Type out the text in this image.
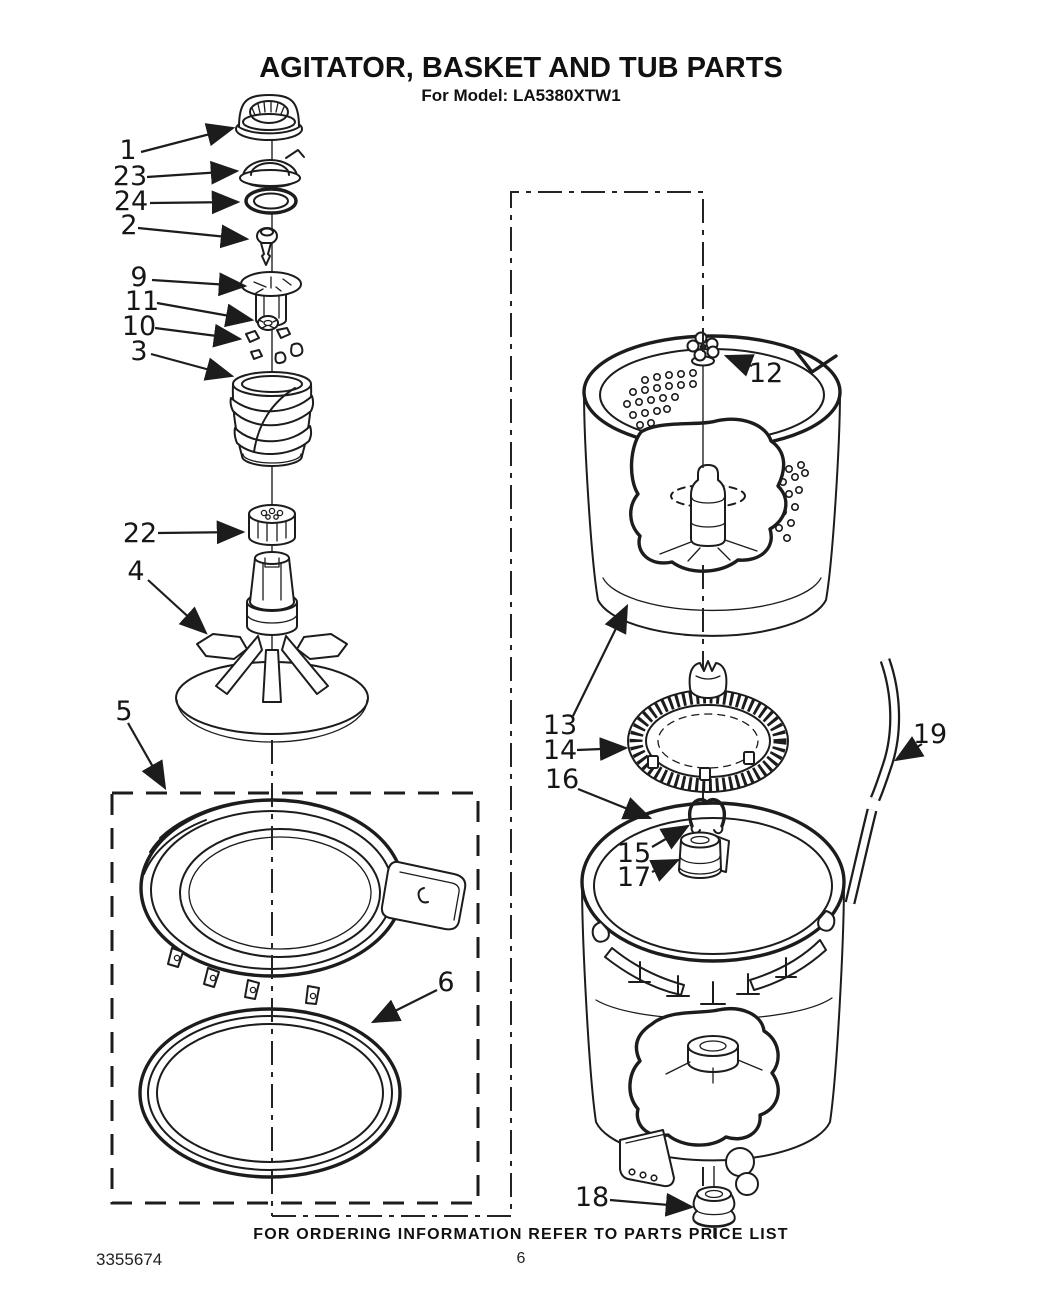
AGITATOR, BASKET AND TUB PARTS
For Model: LA5380XTW1
1
23
24
2
9
11
10
3
22
4
5
6
12
13
14
16
15
17
19
18
FOR ORDERING INFORMATION REFER TO PARTS PRICE LIST
3355674	6
